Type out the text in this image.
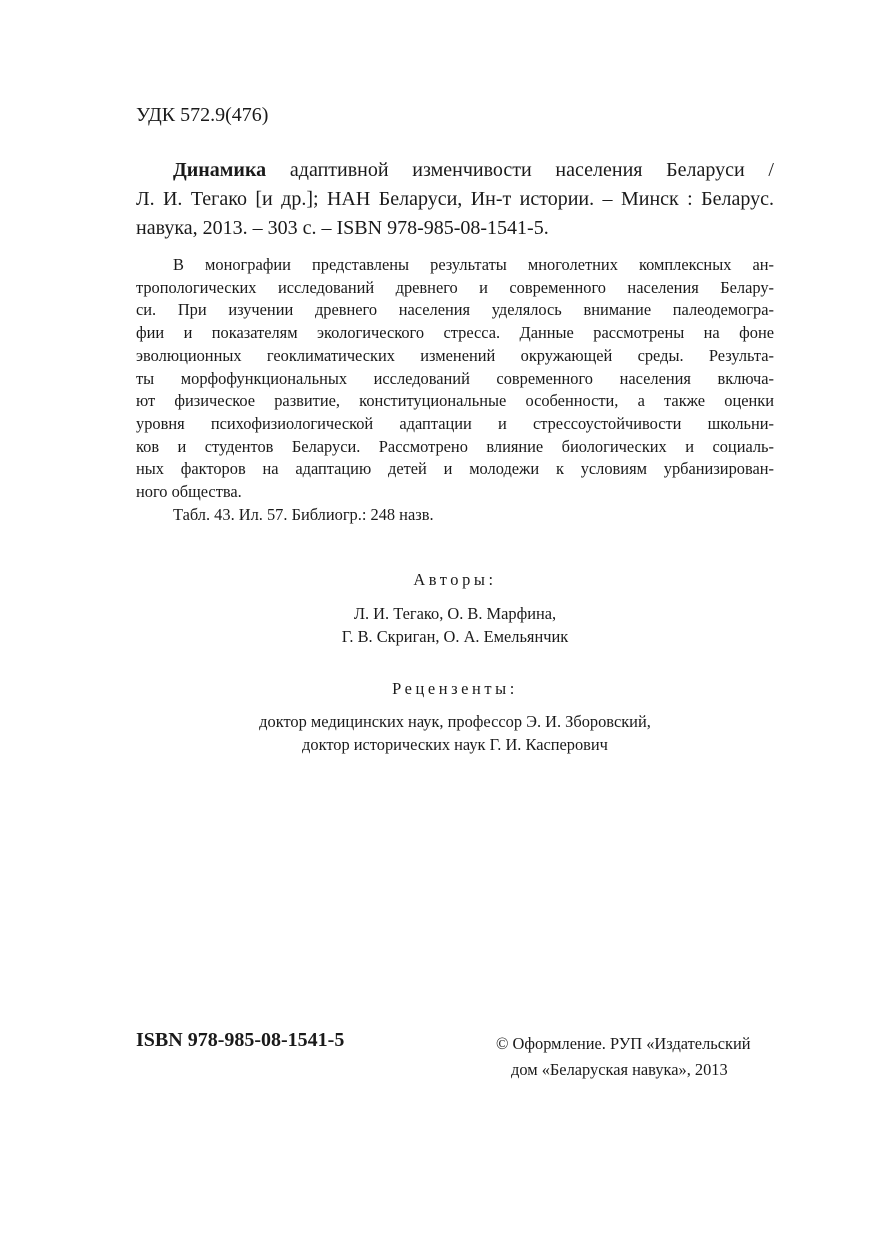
УДК 572.9(476)
Динамика адаптивной изменчивости населения Беларуси /
Л. И. Тегако [и др.]; НАН Беларуси, Ин-т истории. – Минск : Беларус.
навука, 2013. – 303 с. – ISBN 978-985-08-1541-5.
В монографии представлены результаты многолетних комплексных ан-
тропологических исследований древнего и современного населения Белару-
си. При изучении древнего населения уделялось внимание палеодемогра-
фии и показателям экологического стресса. Данные рассмотрены на фоне
эволюционных геоклиматических изменений окружающей среды. Результа-
ты морфофункциональных исследований современного населения включа-
ют физическое развитие, конституциональные особенности, а также оценки
уровня психофизиологической адаптации и стрессоустойчивости школьни-
ков и студентов Беларуси. Рассмотрено влияние биологических и социаль-
ных факторов на адаптацию детей и молодежи к условиям урбанизирован-
ного общества.
Табл. 43. Ил. 57. Библиогр.: 248 назв.
Авторы:
Л. И. Тегако, О. В. Марфина,
Г. В. Скриган, О. А. Емельянчик
Рецензенты:
доктор медицинских наук, профессор Э. И. Зборовский,
доктор исторических наук Г. И. Касперович
ISBN 978-985-08-1541-5	© Оформление. РУП «Издательский
дом «Беларуская навука», 2013
